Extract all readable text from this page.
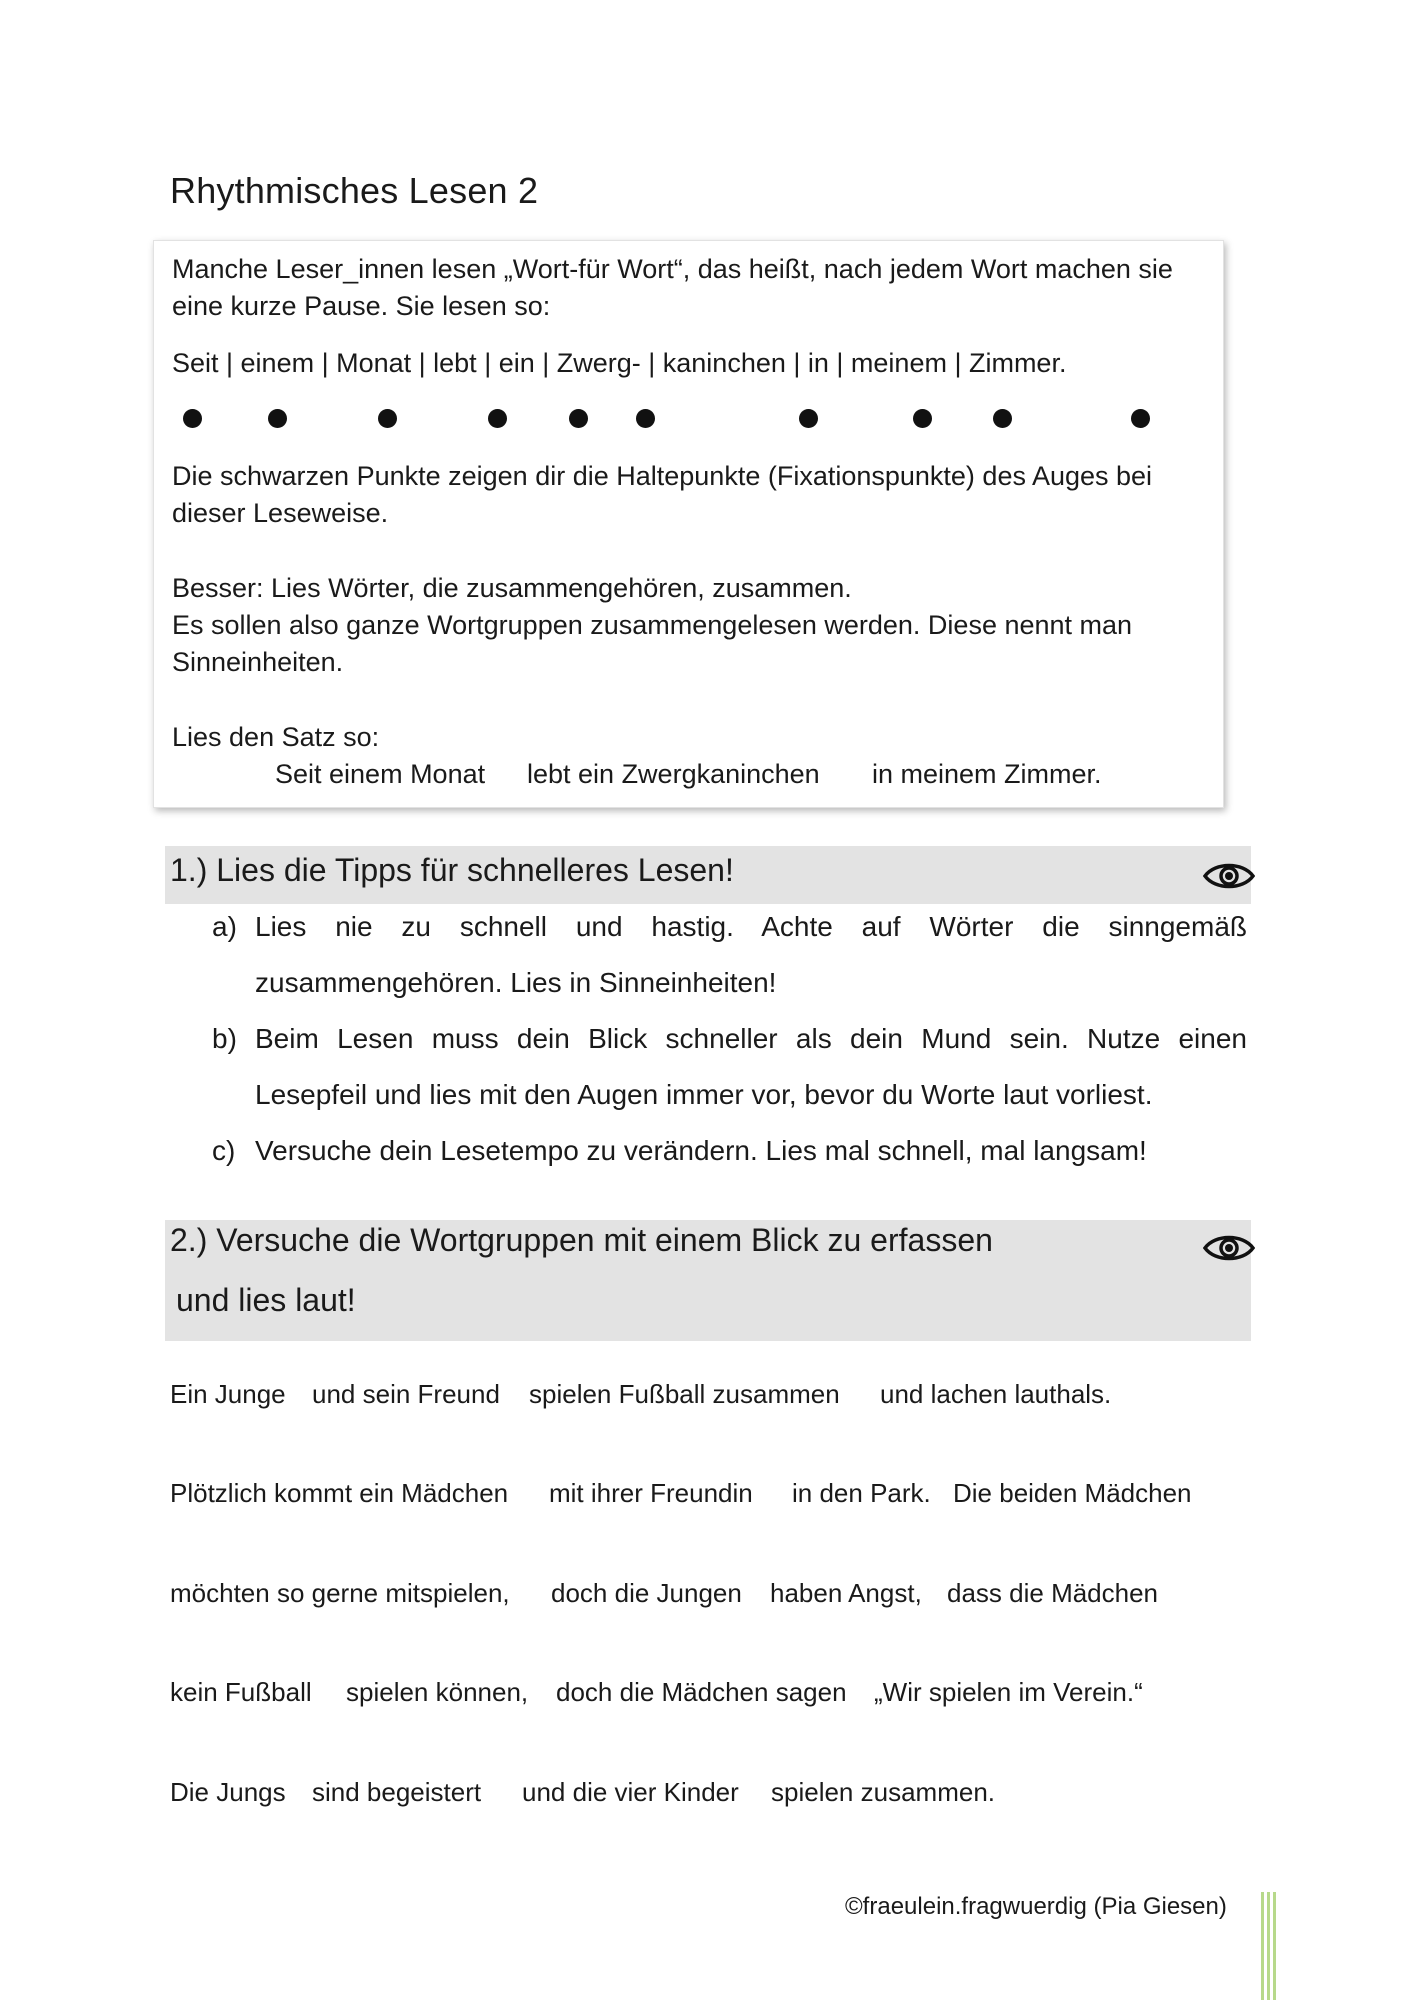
Rhythmisches Lesen 2
Manche Leser_innen lesen „Wort-für Wort“, das heißt, nach jedem Wort machen sie
eine kurze Pause. Sie lesen so:
Seit | einem | Monat | lebt | ein | Zwerg- | kaninchen | in | meinem | Zimmer.
Die schwarzen Punkte zeigen dir die Haltepunkte (Fixationspunkte) des Auges bei
dieser Leseweise.
Besser: Lies Wörter, die zusammengehören, zusammen.
Es sollen also ganze Wortgruppen zusammengelesen werden. Diese nennt man
Sinneinheiten.
Lies den Satz so:
Seit einem Monat lebt ein Zwergkaninchen in meinem Zimmer.
1.) Lies die Tipps für schnelleres Lesen!
a) Lies nie zu schnell und hastig. Achte auf Wörter die sinngemäß
zusammengehören. Lies in Sinneinheiten!
b) Beim Lesen muss dein Blick schneller als dein Mund sein. Nutze einen
Lesepfeil und lies mit den Augen immer vor, bevor du Worte laut vorliest.
c) Versuche dein Lesetempo zu verändern. Lies mal schnell, mal langsam!
2.) Versuche die Wortgruppen mit einem Blick zu erfassen
und lies laut!
Ein Junge und sein Freund spielen Fußball zusammen und lachen lauthals.
Plötzlich kommt ein Mädchen mit ihrer Freundin in den Park. Die beiden Mädchen
möchten so gerne mitspielen, doch die Jungen haben Angst, dass die Mädchen
kein Fußball spielen können, doch die Mädchen sagen „Wir spielen im Verein.“
Die Jungs sind begeistert und die vier Kinder spielen zusammen.
©fraeulein.fragwuerdig (Pia Giesen)
